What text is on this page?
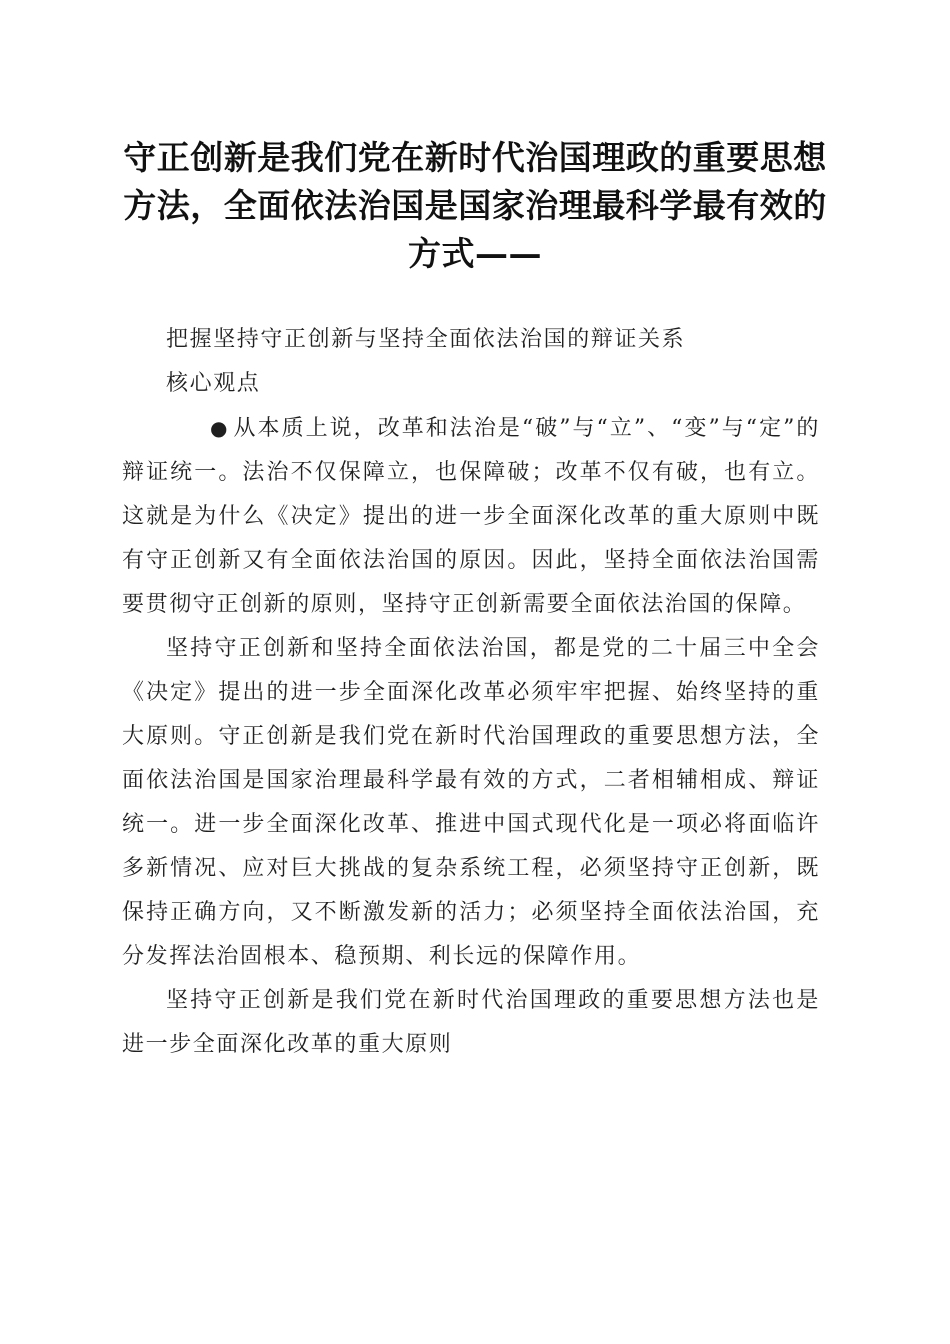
守正创新是我们党在新时代治国理政的重要思想方法，全面依法治国是国家治理最科学最有效的方式——

把握坚持守正创新与坚持全面依法治国的辩证关系

核心观点

● 从本质上说，改革和法治是“破”与“立”、“变”与“定”的辩证统一。法治不仅保障立，也保障破；改革不仅有破，也有立。这就是为什么《决定》提出的进一步全面深化改革的重大原则中既有守正创新又有全面依法治国的原因。因此，坚持全面依法治国需要贯彻守正创新的原则，坚持守正创新需要全面依法治国的保障。

坚持守正创新和坚持全面依法治国，都是党的二十届三中全会《决定》提出的进一步全面深化改革必须牢牢把握、始终坚持的重大原则。守正创新是我们党在新时代治国理政的重要思想方法，全面依法治国是国家治理最科学最有效的方式，二者相辅相成、辩证统一。进一步全面深化改革、推进中国式现代化是一项必将面临许多新情况、应对巨大挑战的复杂系统工程，必须坚持守正创新，既保持正确方向，又不断激发新的活力；必须坚持全面依法治国，充分发挥法治固根本、稳预期、利长远的保障作用。

坚持守正创新是我们党在新时代治国理政的重要思想方法也是进一步全面深化改革的重大原则
